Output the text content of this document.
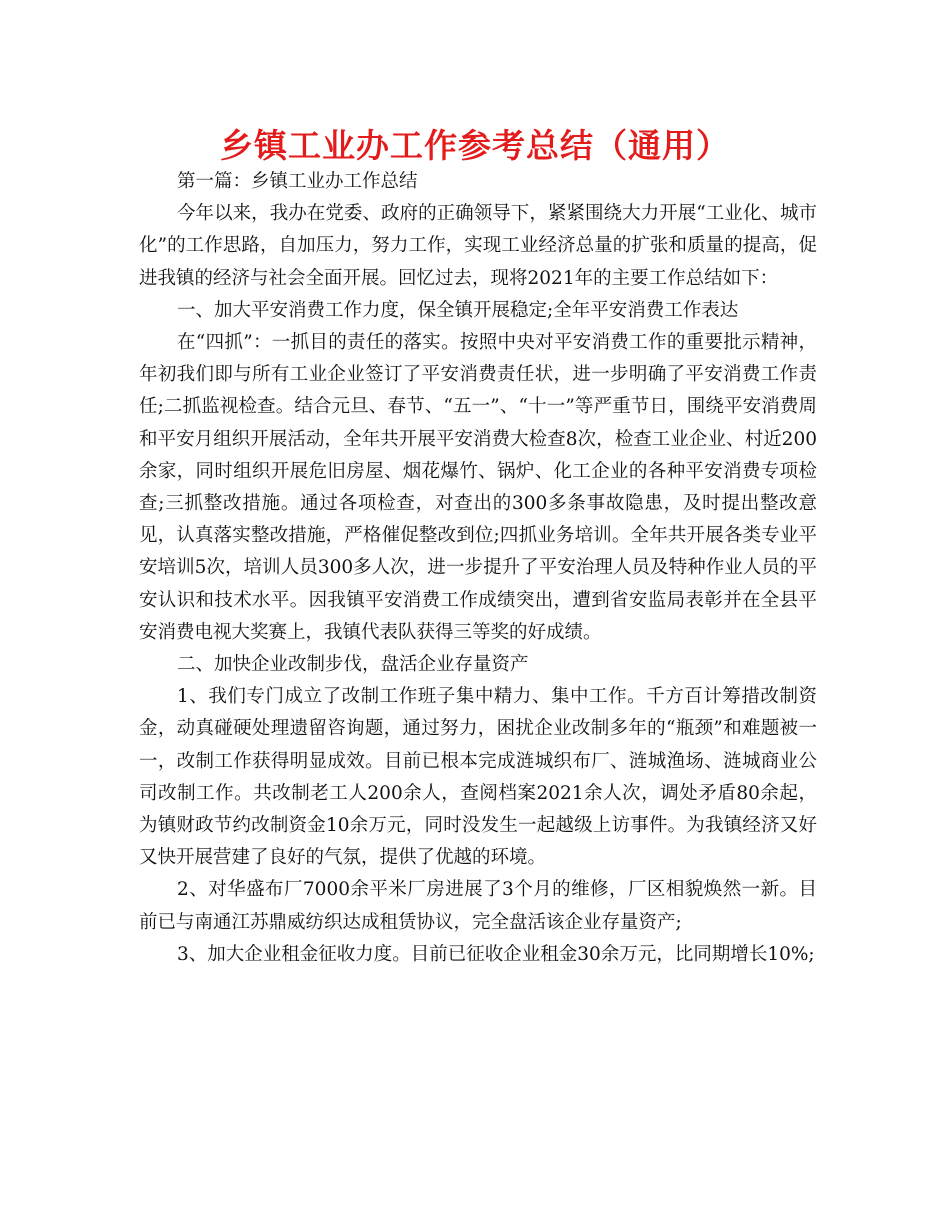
乡镇工业办工作参考总结（通用）

第一篇：乡镇工业办工作总结

今年以来，我办在党委、政府的正确领导下，紧紧围绕大力开展“工业化、城市化”的工作思路，自加压力，努力工作，实现工业经济总量的扩张和质量的提高，促进我镇的经济与社会全面开展。回忆过去，现将2021年的主要工作总结如下：

一、加大平安消费工作力度，保全镇开展稳定;全年平安消费工作表达

在“四抓”：一抓目的责任的落实。按照中央对平安消费工作的重要批示精神，年初我们即与所有工业企业签订了平安消费责任状，进一步明确了平安消费工作责任;二抓监视检查。结合元旦、春节、“五一”、“十一”等严重节日，围绕平安消费周和平安月组织开展活动，全年共开展平安消费大检查8次，检查工业企业、村近200余家，同时组织开展危旧房屋、烟花爆竹、锅炉、化工企业的各种平安消费专项检查;三抓整改措施。通过各项检查，对查出的300多条事故隐患，及时提出整改意见，认真落实整改措施，严格催促整改到位;四抓业务培训。全年共开展各类专业平安培训5次，培训人员300多人次，进一步提升了平安治理人员及特种作业人员的平安认识和技术水平。因我镇平安消费工作成绩突出，遭到省安监局表彰并在全县平安消费电视大奖赛上，我镇代表队获得三等奖的好成绩。

二、加快企业改制步伐，盘活企业存量资产

1、我们专门成立了改制工作班子集中精力、集中工作。千方百计筹措改制资金，动真碰硬处理遗留咨询题，通过努力，困扰企业改制多年的“瓶颈”和难题被一一，改制工作获得明显成效。目前已根本完成涟城织布厂、涟城渔场、涟城商业公司改制工作。共改制老工人200余人，查阅档案2021余人次，调处矛盾80余起，为镇财政节约改制资金10余万元，同时没发生一起越级上访事件。为我镇经济又好又快开展营建了良好的气氛，提供了优越的环境。

2、对华盛布厂7000余平米厂房进展了3个月的维修，厂区相貌焕然一新。目前已与南通江苏鼎威纺织达成租赁协议，完全盘活该企业存量资产;

3、加大企业租金征收力度。目前已征收企业租金30余万元，比同期增长10%;
